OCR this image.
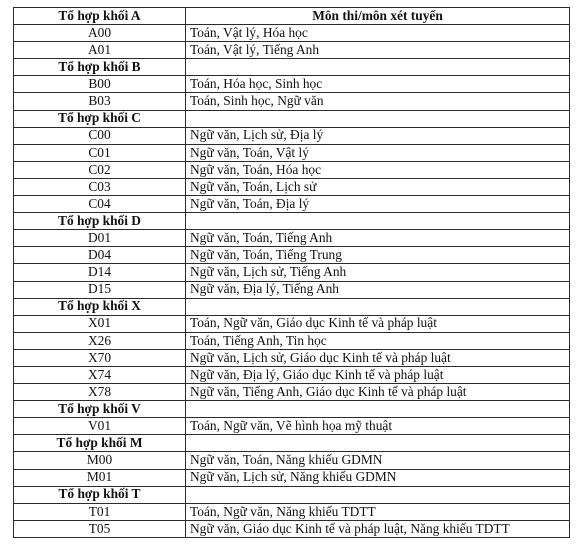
Tổ hợp khối A	Môn thi/môn xét tuyển
A00	Toán, Vật lý, Hóa học
A01	Toán, Vật lý, Tiếng Anh
Tổ hợp khối B	
B00	Toán, Hóa học, Sinh học
B03	Toán, Sinh học, Ngữ văn
Tổ hợp khối C	
C00	Ngữ văn, Lịch sử, Địa lý
C01	Ngữ văn, Toán, Vật lý
C02	Ngữ văn, Toán, Hóa học
C03	Ngữ văn, Toán, Lịch sử
C04	Ngữ văn, Toán, Địa lý
Tổ hợp khối D	
D01	Ngữ văn, Toán, Tiếng Anh
D04	Ngữ văn, Toán, Tiếng Trung
D14	Ngữ văn, Lịch sử, Tiếng Anh
D15	Ngữ văn, Địa lý, Tiếng Anh
Tổ hợp khối X	
X01	Toán, Ngữ văn, Giáo dục Kinh tế và pháp luật
X26	Toán, Tiếng Anh, Tin học
X70	Ngữ văn, Lịch sử, Giáo dục Kinh tế và pháp luật
X74	Ngữ văn, Địa lý, Giáo dục Kinh tế và pháp luật
X78	Ngữ văn, Tiếng Anh, Giáo dục Kinh tế và pháp luật
Tổ hợp khối V	
V01	Toán, Ngữ văn, Vẽ hình họa mỹ thuật
Tổ hợp khối M	
M00	Ngữ văn, Toán, Năng khiếu GDMN
M01	Ngữ văn, Lịch sử, Năng khiếu GDMN
Tổ hợp khối T	
T01	Toán, Ngữ văn, Năng khiếu TDTT
T05	Ngữ văn, Giáo dục Kinh tế và pháp luật, Năng khiếu TDTT
